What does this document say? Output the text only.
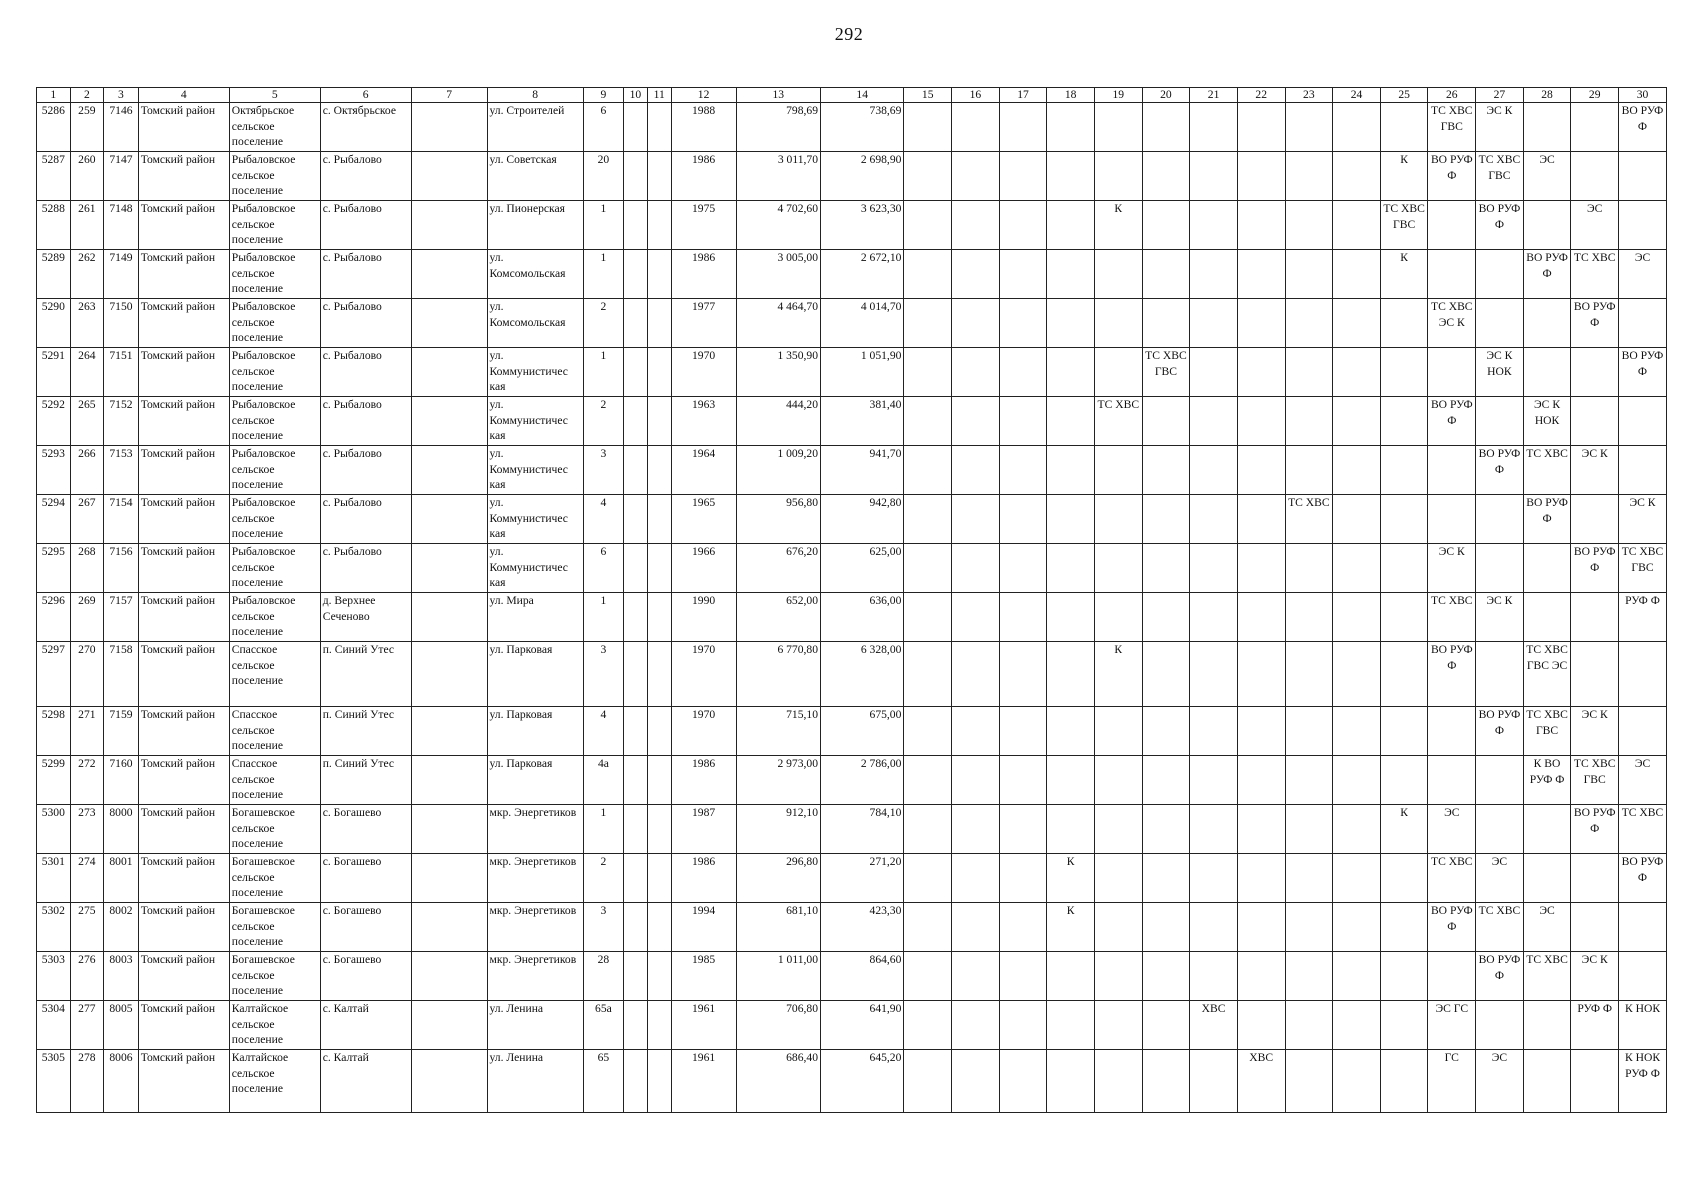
292
1	2	3	4	5	6	7	8	9	10	11	12	13	14	15	16	17	18	19	20	21	22	23	24	25	26	27	28	29	30
5286	259	7146	Томский район	Октябрьское сельское поселение	с. Октябрьское		ул. Строителей	6			1988	798,69	738,69												ТС ХВС ГВС	ЭС К			ВО РУФ Ф
5287	260	7147	Томский район	Рыбаловское сельское поселение	с. Рыбалово		ул. Советская	20			1986	3 011,70	2 698,90											К	ВО РУФ Ф	ТС ХВС ГВС	ЭС		
5288	261	7148	Томский район	Рыбаловское сельское поселение	с. Рыбалово		ул. Пионерская	1			1975	4 702,60	3 623,30					К						ТС ХВС ГВС		ВО РУФ Ф		ЭС	
5289	262	7149	Томский район	Рыбаловское сельское поселение	с. Рыбалово		ул. Комсомольская	1			1986	3 005,00	2 672,10											К			ВО РУФ Ф	ТС ХВС	ЭС
5290	263	7150	Томский район	Рыбаловское сельское поселение	с. Рыбалово		ул. Комсомольская	2			1977	4 464,70	4 014,70												ТС ХВС ЭС К			ВО РУФ Ф	
5291	264	7151	Томский район	Рыбаловское сельское поселение	с. Рыбалово		ул. Коммунистичес кая	1			1970	1 350,90	1 051,90						ТС ХВС ГВС							ЭС К НОК			ВО РУФ Ф
5292	265	7152	Томский район	Рыбаловское сельское поселение	с. Рыбалово		ул. Коммунистичес кая	2			1963	444,20	381,40					ТС ХВС							ВО РУФ Ф		ЭС К НОК		
5293	266	7153	Томский район	Рыбаловское сельское поселение	с. Рыбалово		ул. Коммунистичес кая	3			1964	1 009,20	941,70													ВО РУФ Ф	ТС ХВС	ЭС К	
5294	267	7154	Томский район	Рыбаловское сельское поселение	с. Рыбалово		ул. Коммунистичес кая	4			1965	956,80	942,80									ТС ХВС					ВО РУФ Ф		ЭС К
5295	268	7156	Томский район	Рыбаловское сельское поселение	с. Рыбалово		ул. Коммунистичес кая	6			1966	676,20	625,00												ЭС К			ВО РУФ Ф	ТС ХВС ГВС
5296	269	7157	Томский район	Рыбаловское сельское поселение	д. Верхнее Сеченово		ул. Мира	1			1990	652,00	636,00												ТС ХВС	ЭС К			РУФ Ф
5297	270	7158	Томский район	Спасское сельское поселение	п. Синий Утес		ул. Парковая	3			1970	6 770,80	6 328,00					К							ВО РУФ Ф		ТС ХВС ГВС ЭС		
5298	271	7159	Томский район	Спасское сельское поселение	п. Синий Утес		ул. Парковая	4			1970	715,10	675,00													ВО РУФ Ф	ТС ХВС ГВС	ЭС К	
5299	272	7160	Томский район	Спасское сельское поселение	п. Синий Утес		ул. Парковая	4а			1986	2 973,00	2 786,00														К ВО РУФ Ф	ТС ХВС ГВС	ЭС
5300	273	8000	Томский район	Богашевское сельское поселение	с. Богашево		мкр. Энергетиков	1			1987	912,10	784,10											К	ЭС			ВО РУФ Ф	ТС ХВС
5301	274	8001	Томский район	Богашевское сельское поселение	с. Богашево		мкр. Энергетиков	2			1986	296,80	271,20				К								ТС ХВС	ЭС			ВО РУФ Ф
5302	275	8002	Томский район	Богашевское сельское поселение	с. Богашево		мкр. Энергетиков	3			1994	681,10	423,30				К								ВО РУФ Ф	ТС ХВС	ЭС		
5303	276	8003	Томский район	Богашевское сельское поселение	с. Богашево		мкр. Энергетиков	28			1985	1 011,00	864,60													ВО РУФ Ф	ТС ХВС	ЭС К	
5304	277	8005	Томский район	Калтайское сельское поселение	с. Калтай		ул. Ленина	65а			1961	706,80	641,90							ХВС					ЭС ГС			РУФ Ф	К НОК
5305	278	8006	Томский район	Калтайское сельское поселение	с. Калтай		ул. Ленина	65			1961	686,40	645,20								ХВС				ГС	ЭС			К НОК РУФ Ф
